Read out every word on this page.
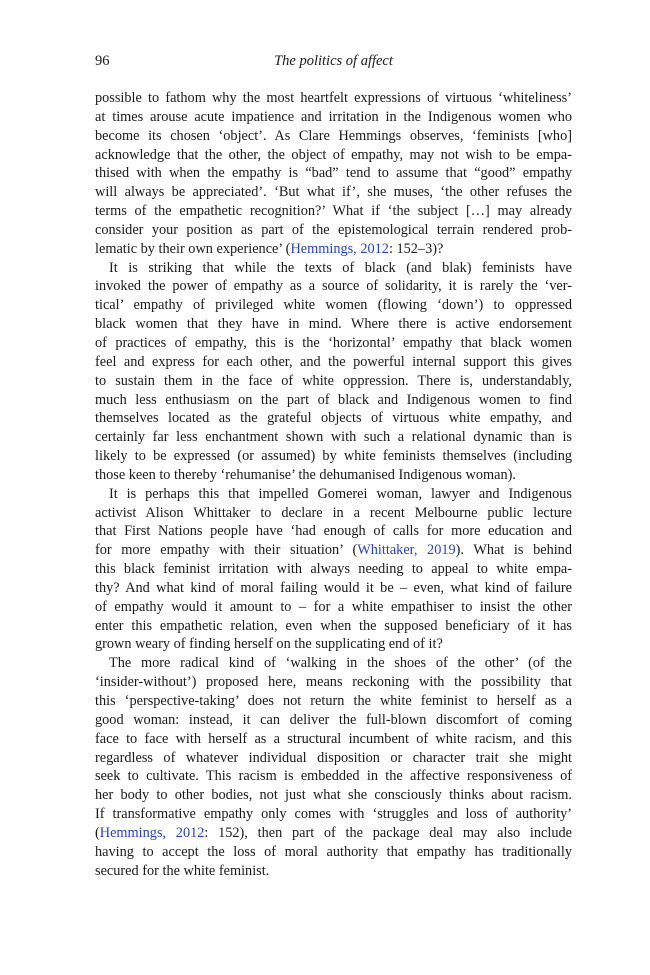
96	The politics of affect
possible to fathom why the most heartfelt expressions of virtuous ‘whiteliness’
at times arouse acute impatience and irritation in the Indigenous women who
become its chosen ‘object’. As Clare Hemmings observes, ‘feminists [who]
acknowledge that the other, the object of empathy, may not wish to be empa-
thised with when the empathy is “bad” tend to assume that “good” empathy
will always be appreciated’. ‘But what if’, she muses, ‘the other refuses the
terms of the empathetic recognition?’ What if ‘the subject […] may already
consider your position as part of the epistemological terrain rendered prob-
lematic by their own experience’ (Hemmings, 2012: 152–3)?
It is striking that while the texts of black (and blak) feminists have
invoked the power of empathy as a source of solidarity, it is rarely the ‘ver-
tical’ empathy of privileged white women (flowing ‘down’) to oppressed
black women that they have in mind. Where there is active endorsement
of practices of empathy, this is the ‘horizontal’ empathy that black women
feel and express for each other, and the powerful internal support this gives
to sustain them in the face of white oppression. There is, understandably,
much less enthusiasm on the part of black and Indigenous women to find
themselves located as the grateful objects of virtuous white empathy, and
certainly far less enchantment shown with such a relational dynamic than is
likely to be expressed (or assumed) by white feminists themselves (including
those keen to thereby ‘rehumanise’ the dehumanised Indigenous woman).
It is perhaps this that impelled Gomerei woman, lawyer and Indigenous
activist Alison Whittaker to declare in a recent Melbourne public lecture
that First Nations people have ‘had enough of calls for more education and
for more empathy with their situation’ (Whittaker, 2019). What is behind
this black feminist irritation with always needing to appeal to white empa-
thy? And what kind of moral failing would it be – even, what kind of failure
of empathy would it amount to – for a white empathiser to insist the other
enter this empathetic relation, even when the supposed beneficiary of it has
grown weary of finding herself on the supplicating end of it?
The more radical kind of ‘walking in the shoes of the other’ (of the
‘insider-without’) proposed here, means reckoning with the possibility that
this ‘perspective-taking’ does not return the white feminist to herself as a
good woman: instead, it can deliver the full-blown discomfort of coming
face to face with herself as a structural incumbent of white racism, and this
regardless of whatever individual disposition or character trait she might
seek to cultivate. This racism is embedded in the affective responsiveness of
her body to other bodies, not just what she consciously thinks about racism.
If transformative empathy only comes with ‘struggles and loss of authority’
(Hemmings, 2012: 152), then part of the package deal may also include
having to accept the loss of moral authority that empathy has traditionally
secured for the white feminist.
